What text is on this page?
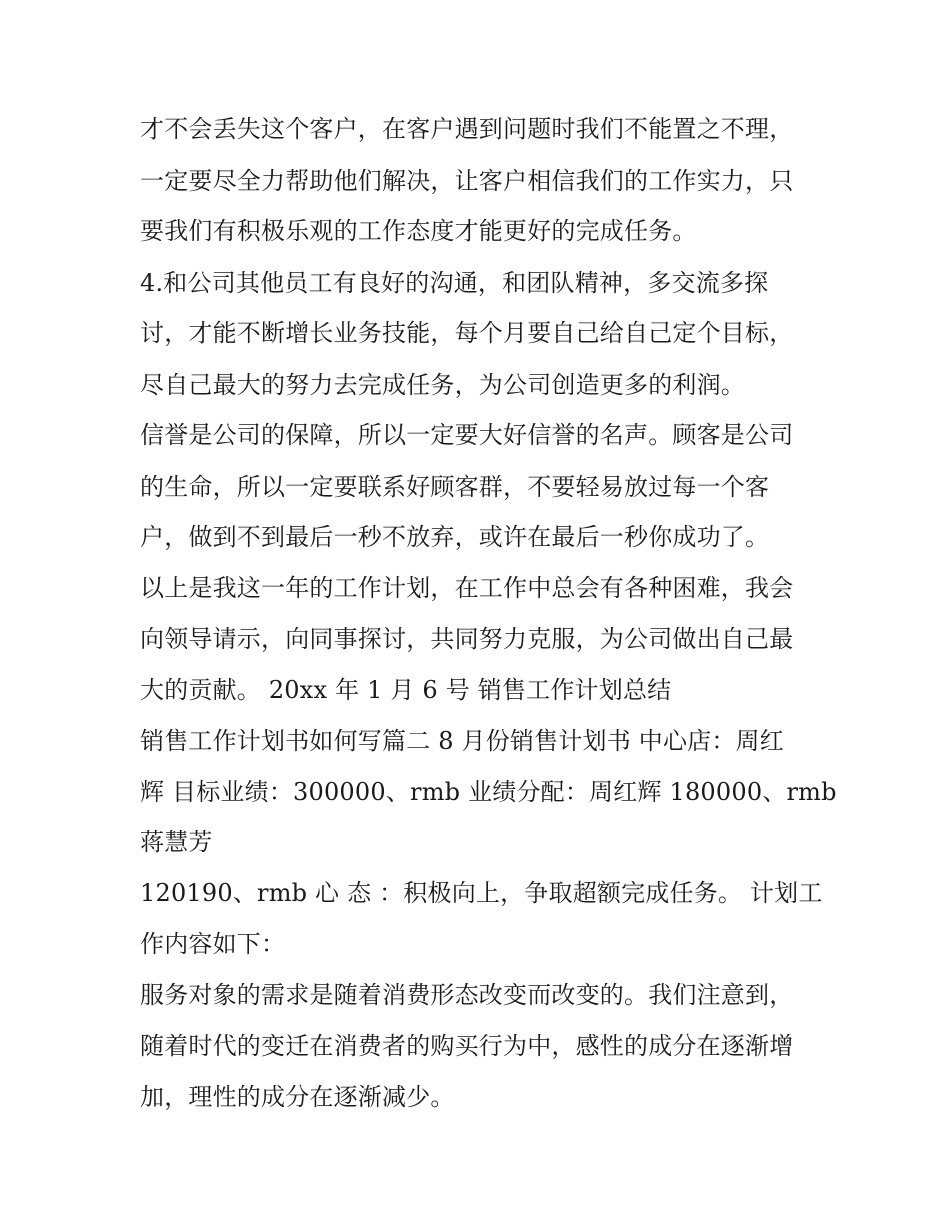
才不会丢失这个客户，在客户遇到问题时我们不能置之不理，

一定要尽全力帮助他们解决，让客户相信我们的工作实力，只

要我们有积极乐观的工作态度才能更好的完成任务。

4.和公司其他员工有良好的沟通，和团队精神，多交流多探

讨，才能不断增长业务技能，每个月要自己给自己定个目标，

尽自己最大的努力去完成任务，为公司创造更多的利润。

信誉是公司的保障，所以一定要大好信誉的名声。顾客是公司

的生命，所以一定要联系好顾客群，不要轻易放过每一个客

户，做到不到最后一秒不放弃，或许在最后一秒你成功了。

以上是我这一年的工作计划，在工作中总会有各种困难，我会

向领导请示，向同事探讨，共同努力克服，为公司做出自己最

大的贡献。 20xx 年 1 月 6 号 销售工作计划总结

销售工作计划书如何写篇二 8 月份销售计划书 中心店：周红

辉 目标业绩：300000、rmb 业绩分配：周红辉 180000、rmb

蒋慧芳

120190、rmb 心 态 ：积极向上，争取超额完成任务。 计划工

作内容如下：

服务对象的需求是随着消费形态改变而改变的。我们注意到，

随着时代的变迁在消费者的购买行为中，感性的成分在逐渐增

加，理性的成分在逐渐减少。
